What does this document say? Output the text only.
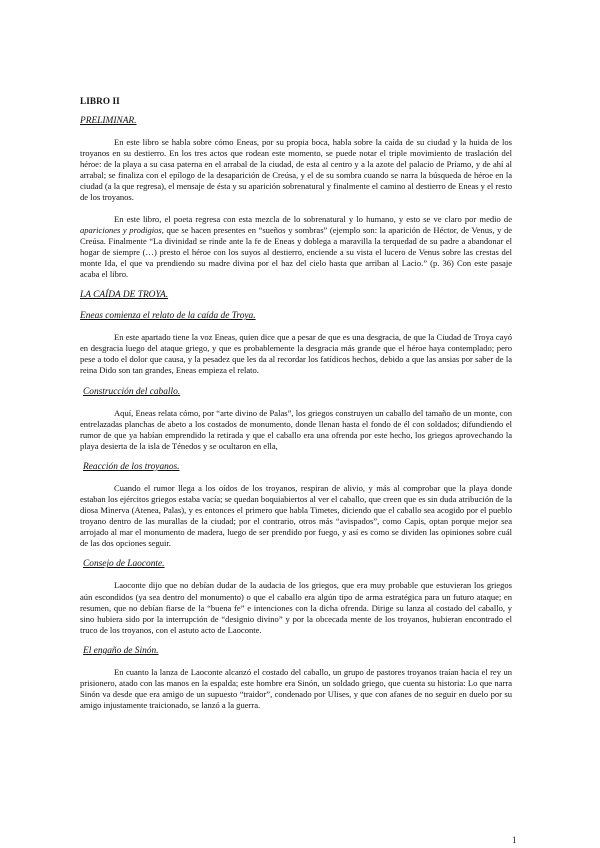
LIBRO II
PRELIMINAR.

En este libro se habla sobre cómo Eneas, por su propia boca, habla sobre la caída de su ciudad y la huida de los troyanos en su destierro. En los tres actos que rodean este momento, se puede notar el triple movimiento de traslación del héroe: de la playa a su casa paterna en el arrabal de la ciudad, de esta al centro y a la azote del palacio de Príamo, y de ahí al arrabal; se finaliza con el epílogo de la desaparición de Creúsa, y el de su sombra cuando se narra la búsqueda de héroe en la ciudad (a la que regresa), el mensaje de ésta y su aparición sobrenatural y finalmente el camino al destierro de Eneas y el resto de los troyanos.

En este libro, el poeta regresa con esta mezcla de lo sobrenatural y lo humano, y esto se ve claro por medio de apariciones y prodigios, que se hacen presentes en “sueños y sombras” (ejemplo son: la aparición de Héctor, de Venus, y de Creúsa. Finalmente “La divinidad se rinde ante la fe de Eneas y doblega a maravilla la terquedad de su padre a abandonar el hogar de siempre (…) presto el héroe con los suyos al destierro, enciende a su vista el lucero de Venus sobre las crestas del monte Ida, el que va prendiendo su madre divina por el haz del cielo hasta que arriban al Lacio.” (p. 36) Con este pasaje acaba el libro.

LA CAÍDA DE TROYA.
Eneas comienza el relato de la caída de Troya.

En este apartado tiene la voz Eneas, quien dice que a pesar de que es una desgracia, de que la Ciudad de Troya cayó en desgracia luego del ataque griego, y que es probablemente la desgracia más grande que el héroe haya contemplado; pero pese a todo el dolor que causa, y la pesadez que les da al recordar los fatídicos hechos, debido a que las ansias por saber de la reina Dido son tan grandes, Eneas empieza el relato.

Construcción del caballo.

Aquí, Eneas relata cómo, por “arte divino de Palas”, los griegos construyen un caballo del tamaño de un monte, con entrelazadas planchas de abeto a los costados de monumento, donde llenan hasta el fondo de él con soldados; difundiendo el rumor de que ya habían emprendido la retirada y que el caballo era una ofrenda por este hecho, los griegos aprovechando la playa desierta de la isla de Ténedos y se ocultaron en ella,

Reacción de los troyanos.

Cuando el rumor llega a los oídos de los troyanos, respiran de alivio, y más al comprobar que la playa donde estaban los ejércitos griegos estaba vacía; se quedan boquiabiertos al ver el caballo, que creen que es sin duda atribución de la diosa Minerva (Atenea, Palas), y es entonces el primero que habla Timetes, diciendo que el caballo sea acogido por el pueblo troyano dentro de las murallas de la ciudad; por el contrario, otros más “avispados”, como Capis, optan porque mejor sea arrojado al mar el monumento de madera, luego de ser prendido por fuego, y así es como se dividen las opiniones sobre cuál de las dos opciones seguir.

Consejo de Laoconte.

Laoconte dijo que no debían dudar de la audacia de los griegos, que era muy probable que estuvieran los griegos aún escondidos (ya sea dentro del monumento) o que el caballo era algún tipo de arma estratégica para un futuro ataque; en resumen, que no debían fiarse de la “buena fe” e intenciones con la dicha ofrenda. Dirige su lanza al costado del caballo, y sino hubiera sido por la interrupción de “designio divino” y por la obcecada mente de los troyanos, hubieran encontrado el truco de los troyanos, con el astuto acto de Laoconte.

El engaño de Sinón.

En cuanto la lanza de Laoconte alcanzó el costado del caballo, un grupo de pastores troyanos traían hacia el rey un prisionero, atado con las manos en la espalda; este hombre era Sinón, un soldado griego, que cuenta su historia: Lo que narra Sinón va desde que era amigo de un supuesto “traidor”, condenado por Ulises, y que con afanes de no seguir en duelo por su amigo injustamente traicionado, se lanzó a la guerra.

1
